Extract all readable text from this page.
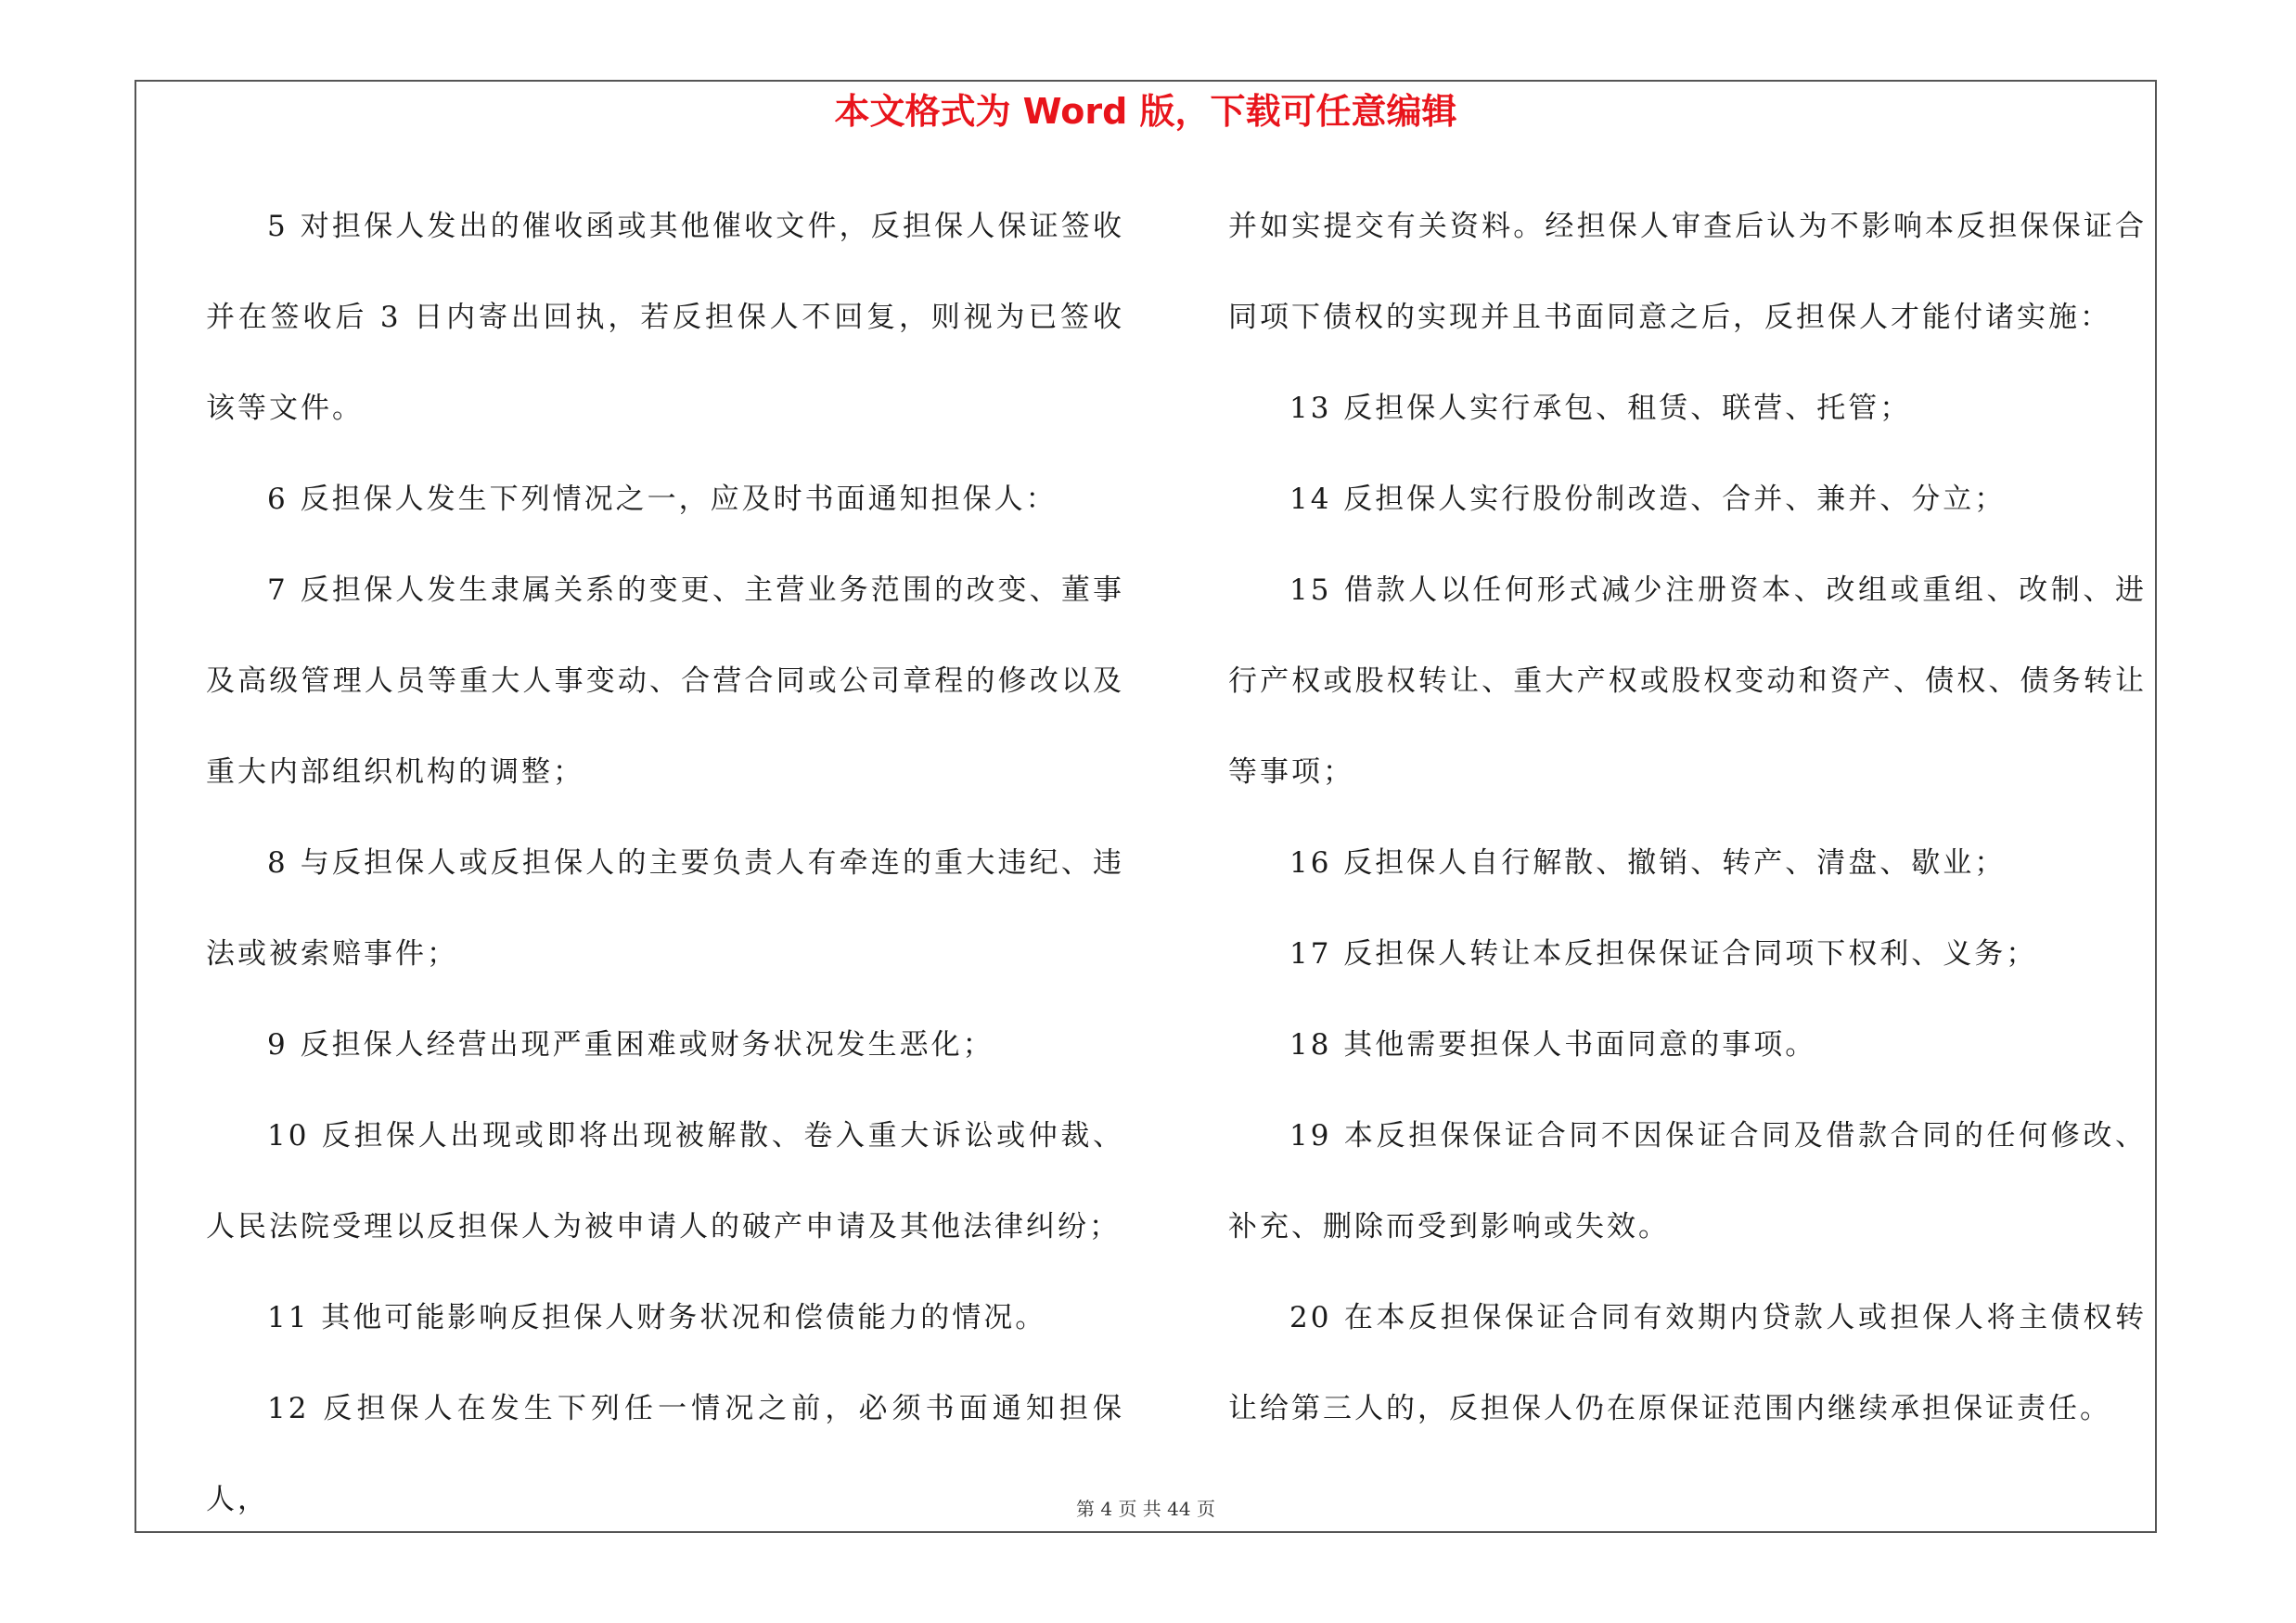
本文格式为 Word 版，下载可任意编辑

5 对担保人发出的催收函或其他催收文件，反担保人保证签收并在签收后 3 日内寄出回执，若反担保人不回复，则视为已签收该等文件。

6 反担保人发生下列情况之一，应及时书面通知担保人：

7 反担保人发生隶属关系的变更、主营业务范围的改变、董事及高级管理人员等重大人事变动、合营合同或公司章程的修改以及重大内部组织机构的调整；

8 与反担保人或反担保人的主要负责人有牵连的重大违纪、违法或被索赔事件；

9 反担保人经营出现严重困难或财务状况发生恶化；

10 反担保人出现或即将出现被解散、卷入重大诉讼或仲裁、人民法院受理以反担保人为被申请人的破产申请及其他法律纠纷；

11 其他可能影响反担保人财务状况和偿债能力的情况。

12 反担保人在发生下列任一情况之前，必须书面通知担保人，

并如实提交有关资料。经担保人审查后认为不影响本反担保保证合同项下债权的实现并且书面同意之后，反担保人才能付诸实施：

13 反担保人实行承包、租赁、联营、托管；

14 反担保人实行股份制改造、合并、兼并、分立；

15 借款人以任何形式减少注册资本、改组或重组、改制、进行产权或股权转让、重大产权或股权变动和资产、债权、债务转让等事项；

16 反担保人自行解散、撤销、转产、清盘、歇业；

17 反担保人转让本反担保保证合同项下权利、义务；

18 其他需要担保人书面同意的事项。

19 本反担保保证合同不因保证合同及借款合同的任何修改、补充、删除而受到影响或失效。

20 在本反担保保证合同有效期内贷款人或担保人将主债权转让给第三人的，反担保人仍在原保证范围内继续承担保证责任。

第 4 页 共 44 页
